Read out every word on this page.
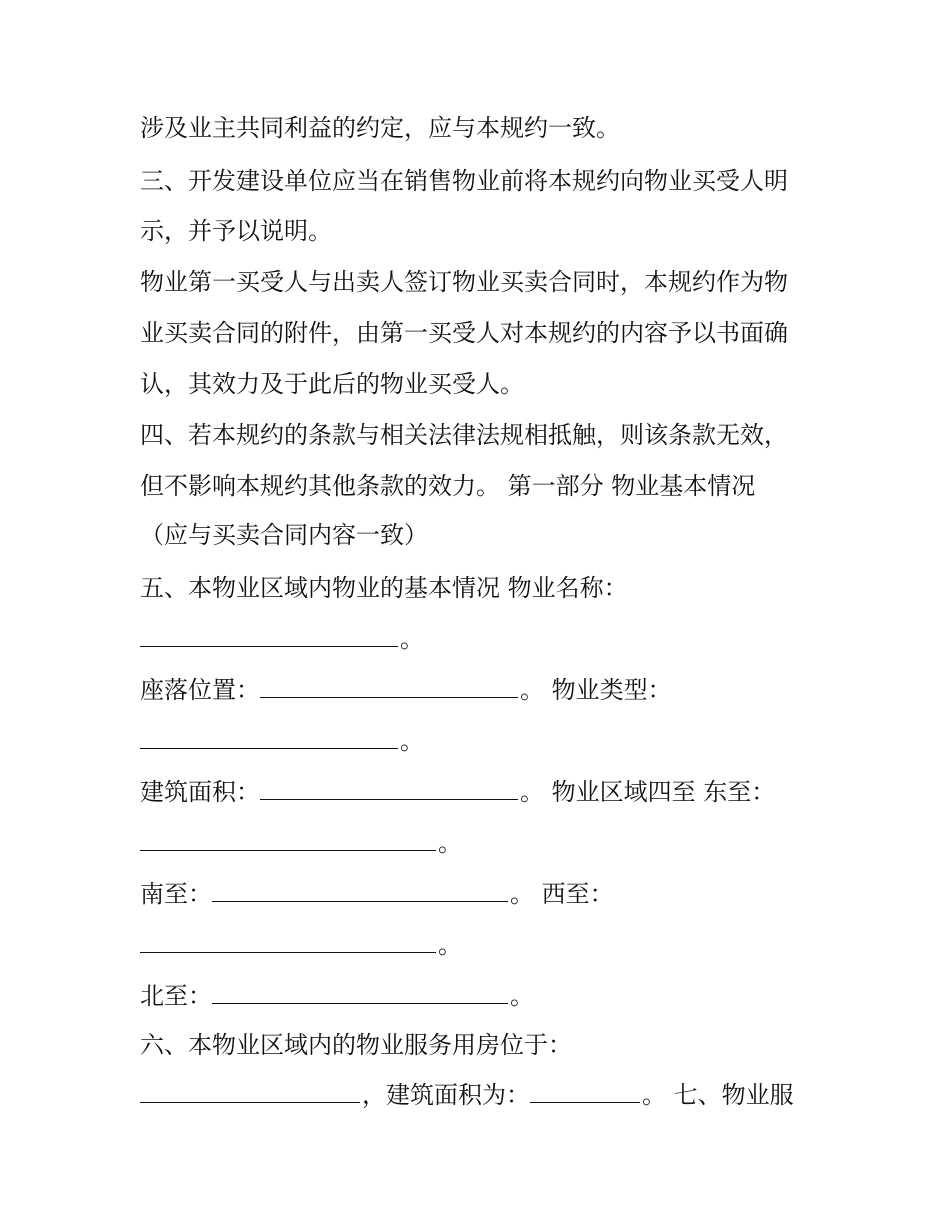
涉及业主共同利益的约定，应与本规约一致。
三、开发建设单位应当在销售物业前将本规约向物业买受人明
示，并予以说明。
物业第一买受人与出卖人签订物业买卖合同时，本规约作为物
业买卖合同的附件，由第一买受人对本规约的内容予以书面确
认，其效力及于此后的物业买受人。
四、若本规约的条款与相关法律法规相抵触，则该条款无效，
但不影响本规约其他条款的效力。 第一部分 物业基本情况
（应与买卖合同内容一致）
五、本物业区域内物业的基本情况 物业名称：
。
座落位置：	。 物业类型：
。
建筑面积：	。 物业区域四至 东至：
。
南至：	。 西至：
。
北至：	。
六、本物业区域内的物业服务用房位于：
，建筑面积为：	。 七、物业服
